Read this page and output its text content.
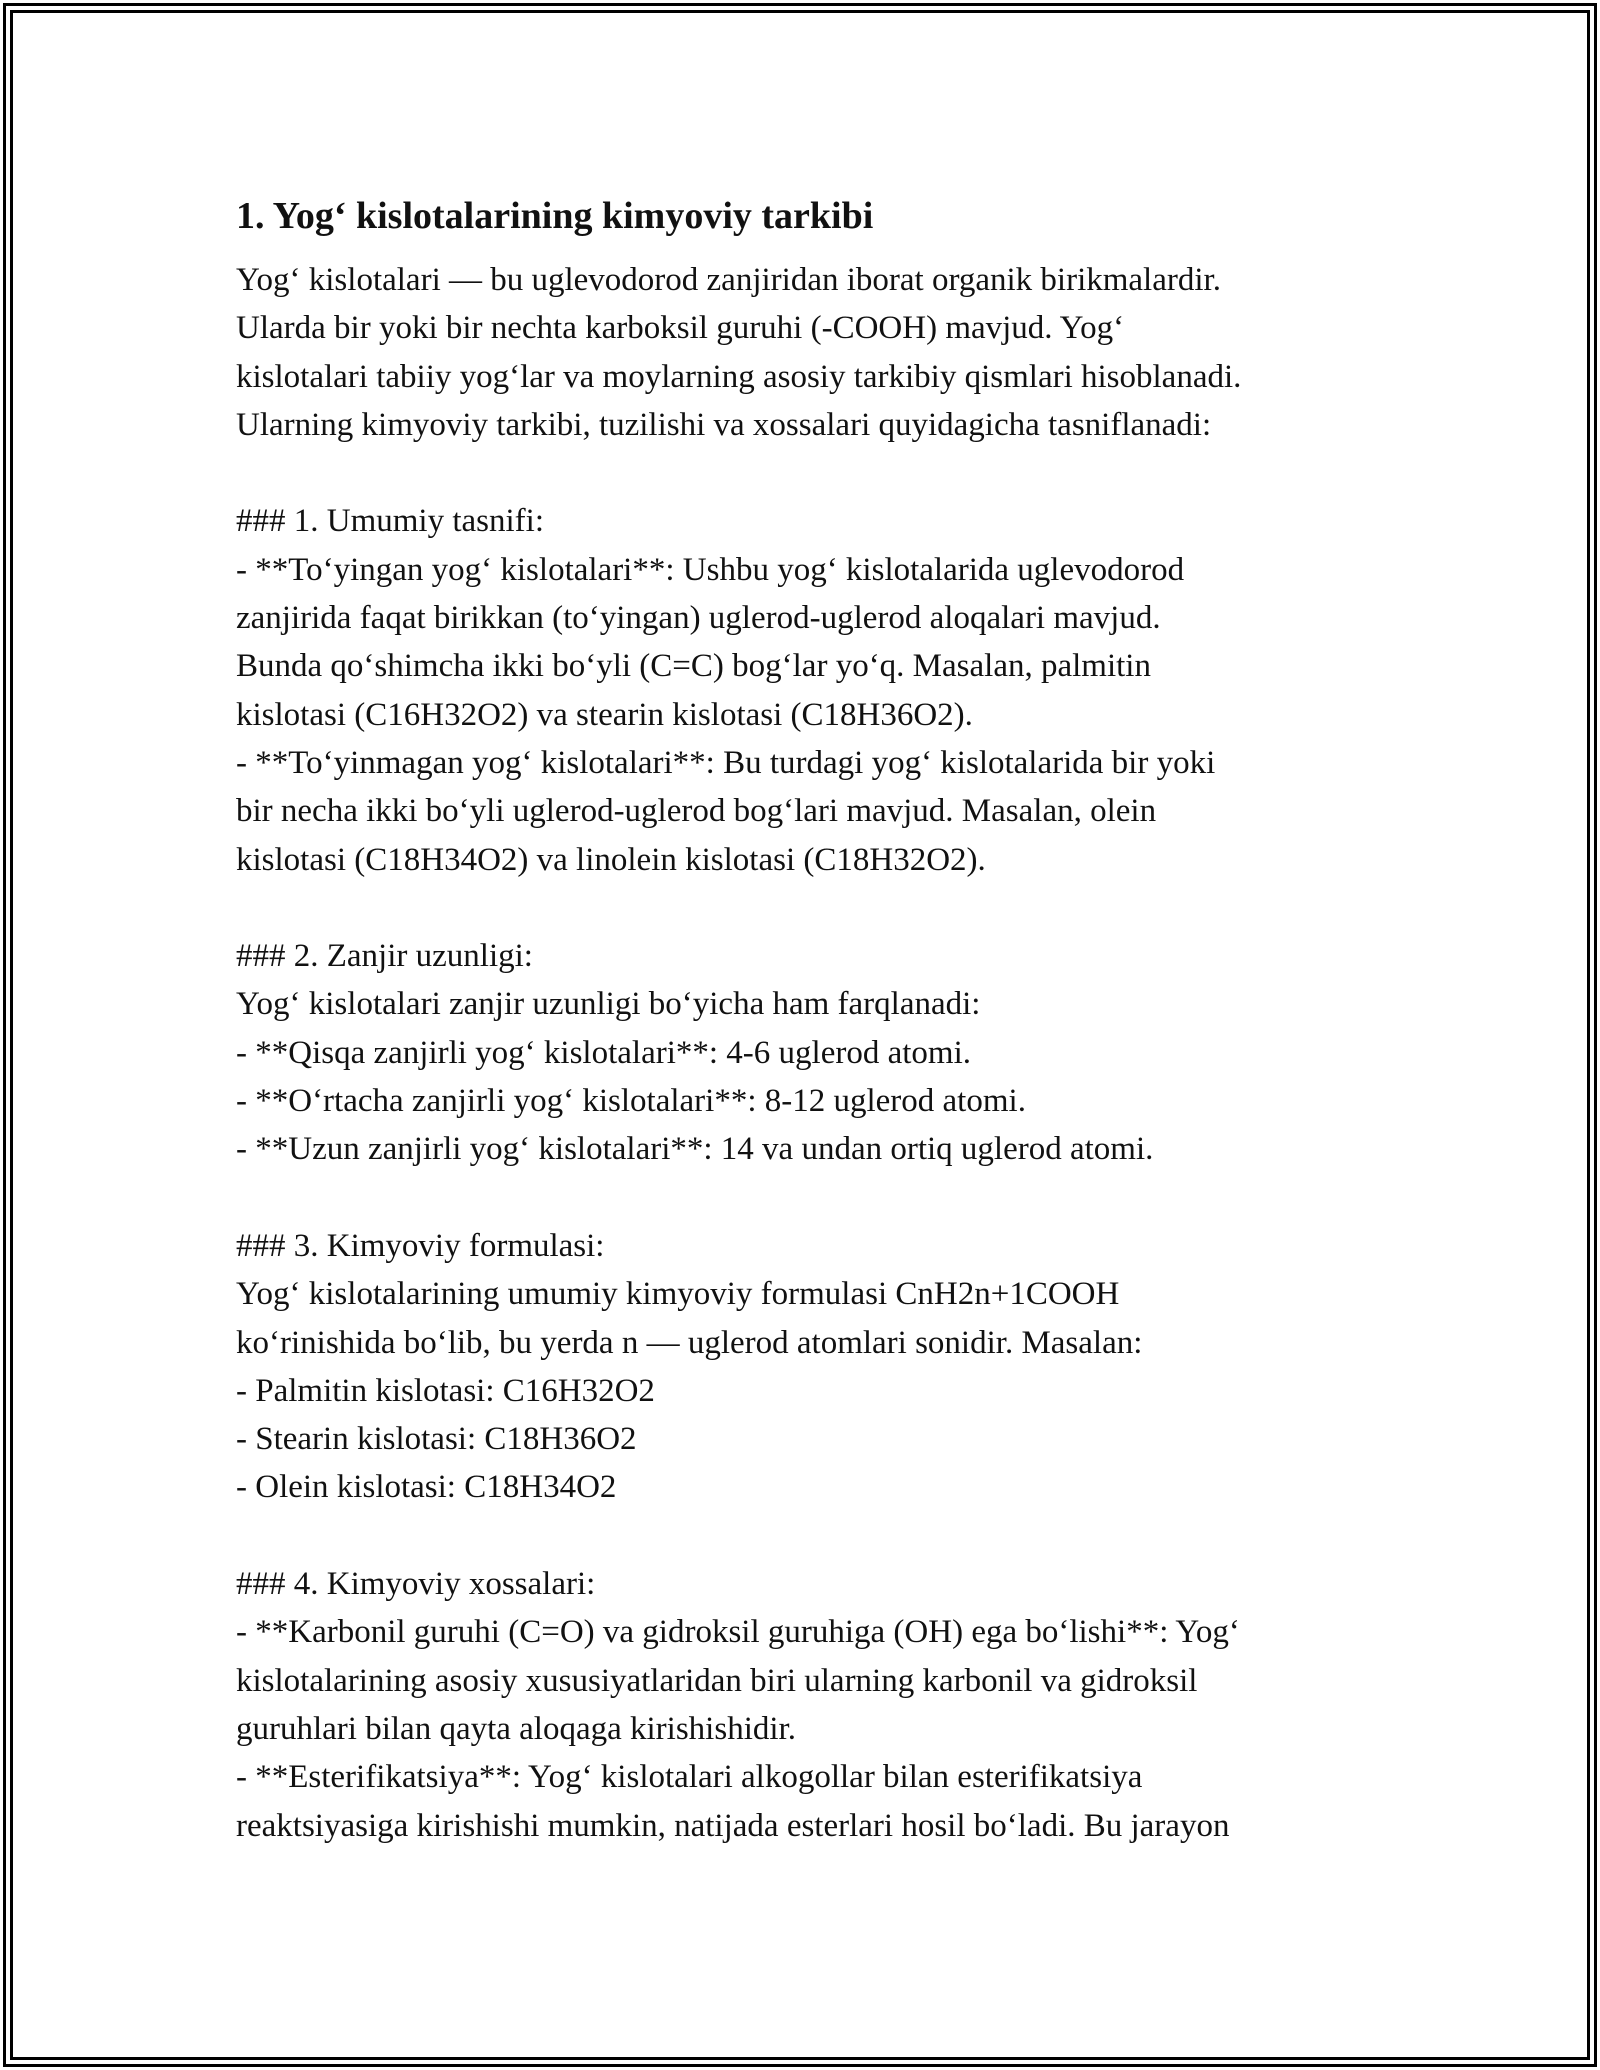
1. Yog‘ kislotalarining kimyoviy tarkibi
Yog‘ kislotalari — bu uglevodorod zanjiridan iborat organik birikmalardir.
Ularda bir yoki bir nechta karboksil guruhi (-COOH) mavjud. Yog‘
kislotalari tabiiy yog‘lar va moylarning asosiy tarkibiy qismlari hisoblanadi.
Ularning kimyoviy tarkibi, tuzilishi va xossalari quyidagicha tasniflanadi:
### 1. Umumiy tasnifi:
- **To‘yingan yog‘ kislotalari**: Ushbu yog‘ kislotalarida uglevodorod
zanjirida faqat birikkan (to‘yingan) uglerod-uglerod aloqalari mavjud.
Bunda qo‘shimcha ikki bo‘yli (C=C) bog‘lar yo‘q. Masalan, palmitin
kislotasi (C16H32O2) va stearin kislotasi (C18H36O2).
- **To‘yinmagan yog‘ kislotalari**: Bu turdagi yog‘ kislotalarida bir yoki
bir necha ikki bo‘yli uglerod-uglerod bog‘lari mavjud. Masalan, olein
kislotasi (C18H34O2) va linolein kislotasi (C18H32O2).
### 2. Zanjir uzunligi:
Yog‘ kislotalari zanjir uzunligi bo‘yicha ham farqlanadi:
- **Qisqa zanjirli yog‘ kislotalari**: 4-6 uglerod atomi.
- **O‘rtacha zanjirli yog‘ kislotalari**: 8-12 uglerod atomi.
- **Uzun zanjirli yog‘ kislotalari**: 14 va undan ortiq uglerod atomi.
### 3. Kimyoviy formulasi:
Yog‘ kislotalarining umumiy kimyoviy formulasi CnH2n+1COOH
ko‘rinishida bo‘lib, bu yerda n — uglerod atomlari sonidir. Masalan:
- Palmitin kislotasi: C16H32O2
- Stearin kislotasi: C18H36O2
- Olein kislotasi: C18H34O2
### 4. Kimyoviy xossalari:
- **Karbonil guruhi (C=O) va gidroksil guruhiga (OH) ega bo‘lishi**: Yog‘
kislotalarining asosiy xususiyatlaridan biri ularning karbonil va gidroksil
guruhlari bilan qayta aloqaga kirishishidir.
- **Esterifikatsiya**: Yog‘ kislotalari alkogollar bilan esterifikatsiya
reaktsiyasiga kirishishi mumkin, natijada esterlari hosil bo‘ladi. Bu jarayon
